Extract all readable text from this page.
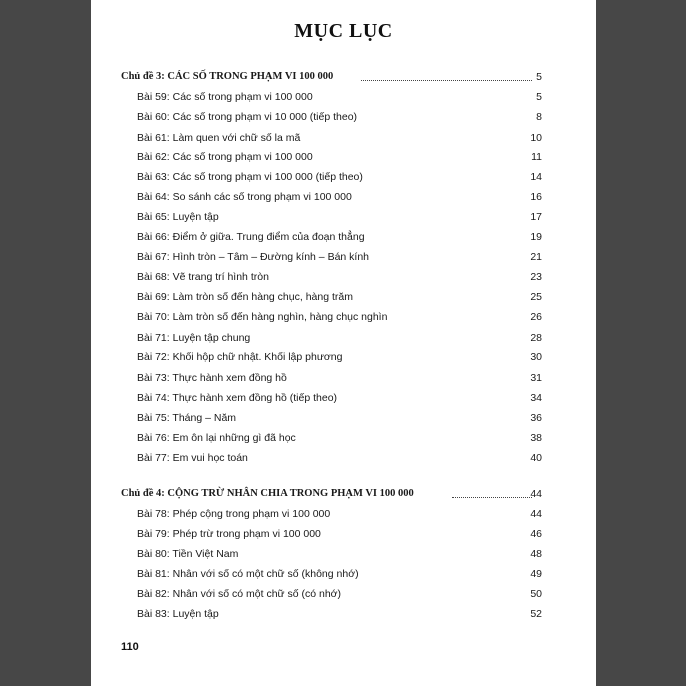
MỤC LỤC
Chủ đề 3: CÁC SỐ TRONG PHẠM VI 100 000	5
Bài 59: Các số trong phạm vi 100 000	5
Bài 60: Các số trong phạm vi 10 000 (tiếp theo)	8
Bài 61: Làm quen với chữ số la mã	10
Bài 62: Các số trong phạm vi 100 000	11
Bài 63: Các số trong phạm vi 100 000 (tiếp theo)	14
Bài 64: So sánh các số trong phạm vi 100 000	16
Bài 65: Luyện tập	17
Bài 66: Điểm ở giữa. Trung điểm của đoạn thẳng	19
Bài 67: Hình tròn – Tâm – Đường kính – Bán kính	21
Bài 68: Vẽ trang trí hình tròn	23
Bài 69: Làm tròn số đến hàng chục, hàng trăm	25
Bài 70: Làm tròn số đến hàng nghìn, hàng chục nghìn	26
Bài 71: Luyện tập chung	28
Bài 72: Khối hộp chữ nhật. Khối lập phương	30
Bài 73: Thực hành xem đồng hồ	31
Bài 74: Thực hành xem đồng hồ (tiếp theo)	34
Bài 75: Tháng – Năm	36
Bài 76: Em ôn lại những gì đã học	38
Bài 77: Em vui học toán	40
Chủ đề 4: CỘNG TRỪ NHÂN CHIA TRONG PHẠM VI 100 000	44
Bài 78: Phép cộng trong phạm vi 100 000	44
Bài 79: Phép trừ trong phạm vi 100 000	46
Bài 80: Tiền Việt Nam	48
Bài 81: Nhân với số có một chữ số (không nhớ)	49
Bài 82: Nhân với số có một chữ số (có nhớ)	50
Bài 83: Luyện tập	52
110
